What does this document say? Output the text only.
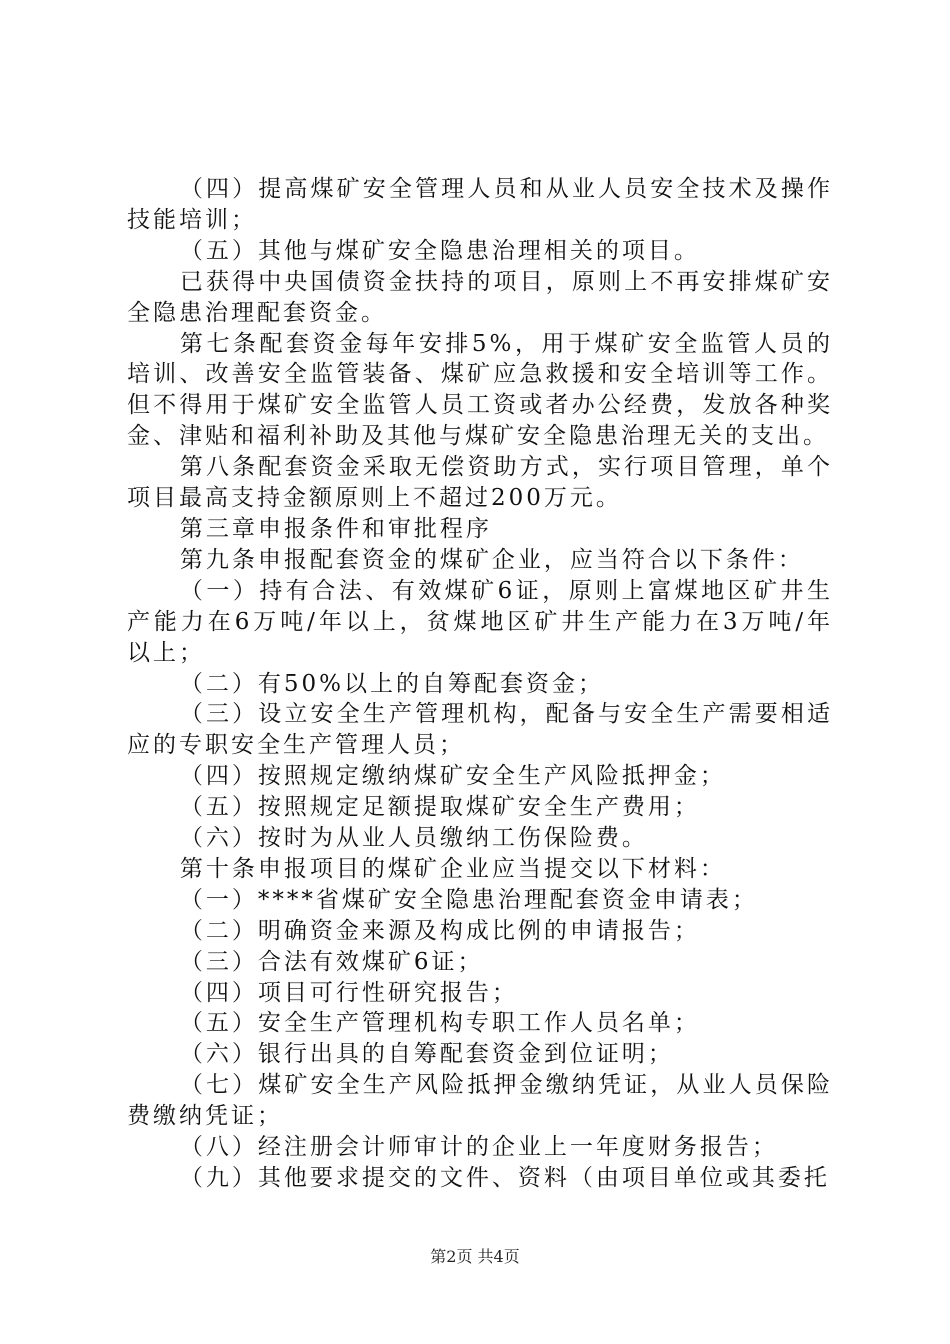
（四）提高煤矿安全管理人员和从业人员安全技术及操作技能培训；

（五）其他与煤矿安全隐患治理相关的项目。

已获得中央国债资金扶持的项目，原则上不再安排煤矿安全隐患治理配套资金。

第七条配套资金每年安排5%，用于煤矿安全监管人员的培训、改善安全监管装备、煤矿应急救援和安全培训等工作。但不得用于煤矿安全监管人员工资或者办公经费，发放各种奖金、津贴和福利补助及其他与煤矿安全隐患治理无关的支出。

第八条配套资金采取无偿资助方式，实行项目管理，单个项目最高支持金额原则上不超过200万元。

第三章申报条件和审批程序

第九条申报配套资金的煤矿企业，应当符合以下条件：

（一）持有合法、有效煤矿6证，原则上富煤地区矿井生产能力在6万吨/年以上，贫煤地区矿井生产能力在3万吨/年以上；

（二）有50%以上的自筹配套资金；

（三）设立安全生产管理机构，配备与安全生产需要相适应的专职安全生产管理人员；

（四）按照规定缴纳煤矿安全生产风险抵押金；

（五）按照规定足额提取煤矿安全生产费用；

（六）按时为从业人员缴纳工伤保险费。

第十条申报项目的煤矿企业应当提交以下材料：

（一）****省煤矿安全隐患治理配套资金申请表；

（二）明确资金来源及构成比例的申请报告；

（三）合法有效煤矿6证；

（四）项目可行性研究报告；

（五）安全生产管理机构专职工作人员名单；

（六）银行出具的自筹配套资金到位证明；

（七）煤矿安全生产风险抵押金缴纳凭证，从业人员保险费缴纳凭证；

（八）经注册会计师审计的企业上一年度财务报告；

（九）其他要求提交的文件、资料（由项目单位或其委托

第2页 共4页
